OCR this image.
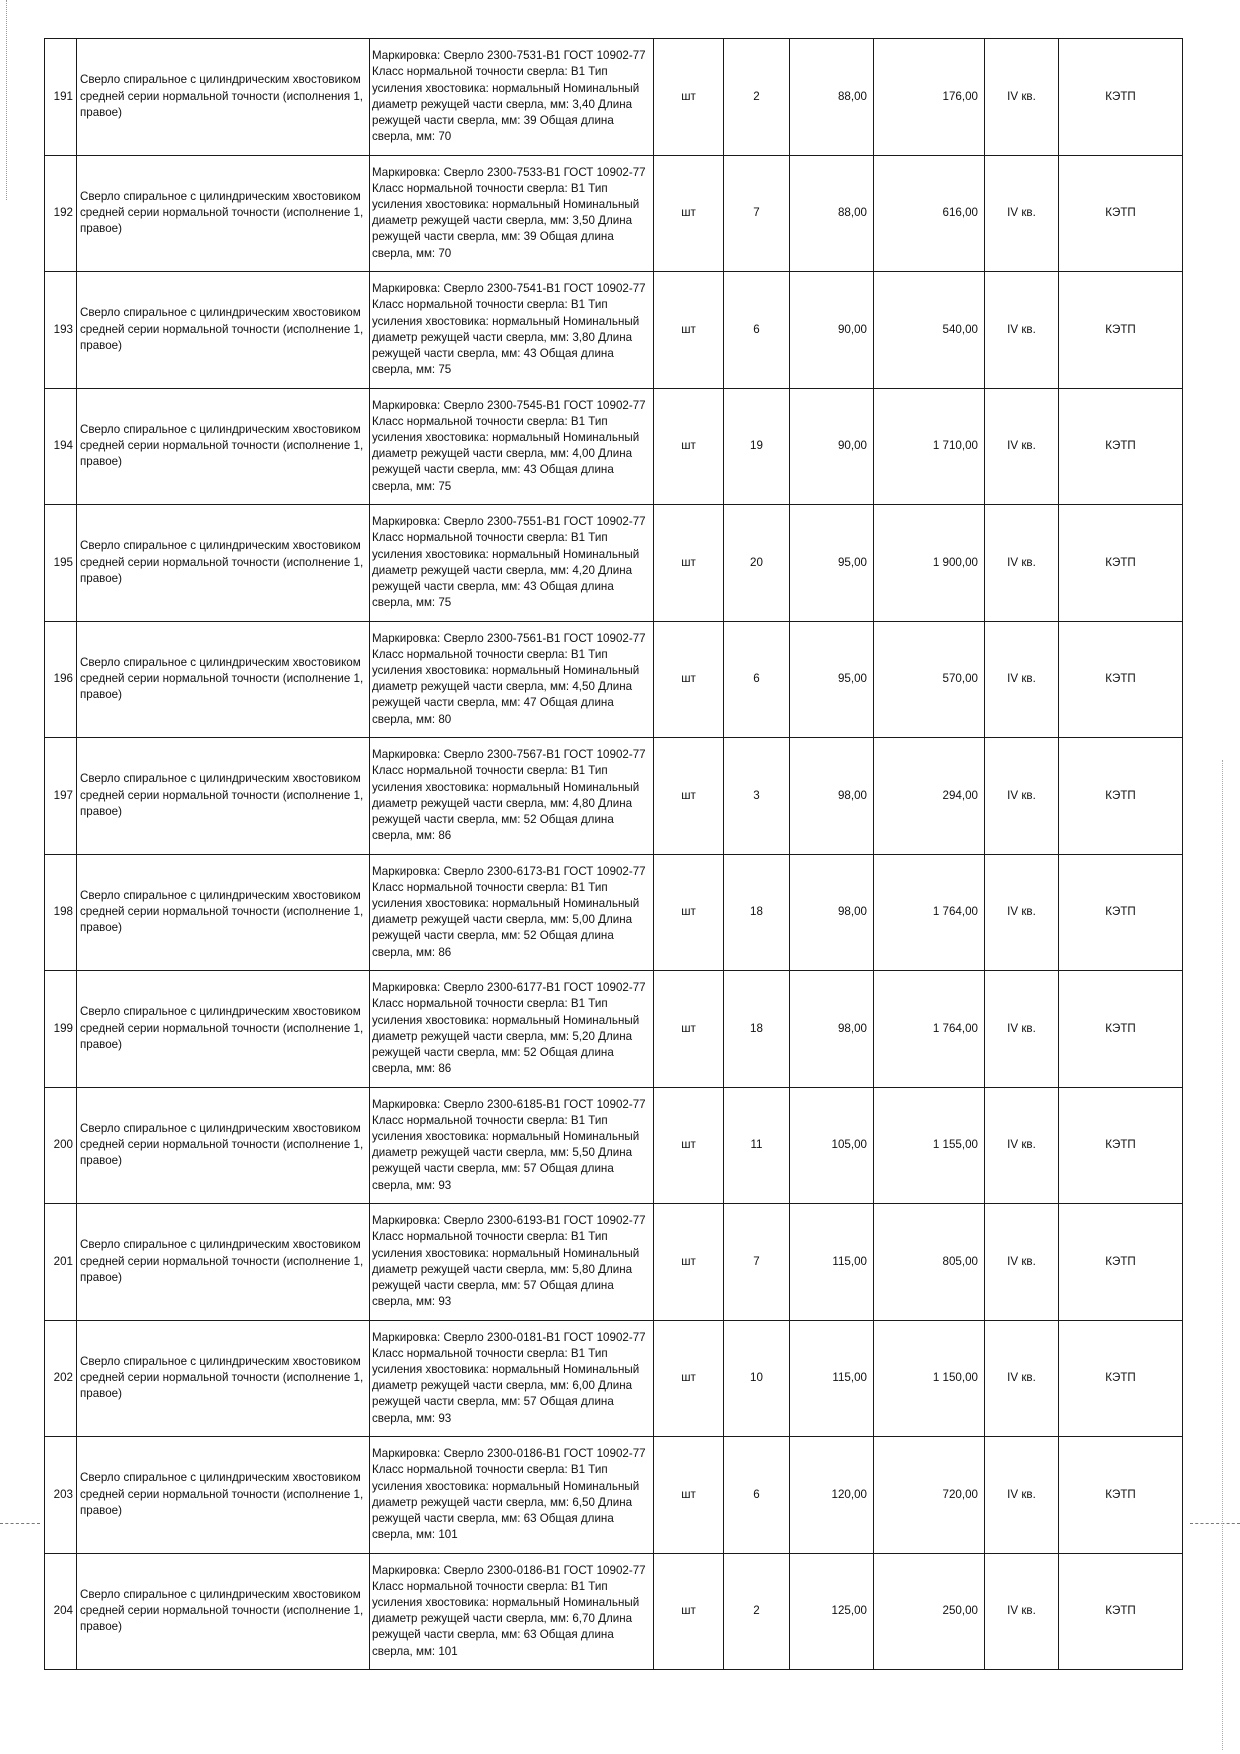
191	Сверло спиральное с цилиндрическим хвостовиком средней серии нормальной точности (исполнения 1, правое)	Маркировка: Сверло 2300-7531-В1 ГОСТ 10902-77 Класс нормальной точности сверла: В1 Тип усиления хвостовика: нормальный Номинальный диаметр режущей части сверла, мм: 3,40 Длина режущей части сверла, мм: 39 Общая длина сверла, мм: 70	шт	2	88,00	176,00	IV кв.	КЭТП
192	Сверло спиральное с цилиндрическим хвостовиком средней серии нормальной точности (исполнение 1, правое)	Маркировка: Сверло 2300-7533-В1 ГОСТ 10902-77 Класс нормальной точности сверла: В1 Тип усиления хвостовика: нормальный Номинальный диаметр режущей части сверла, мм: 3,50 Длина режущей части сверла, мм: 39 Общая длина сверла, мм: 70	шт	7	88,00	616,00	IV кв.	КЭТП
193	Сверло спиральное с цилиндрическим хвостовиком средней серии нормальной точности (исполнение 1, правое)	Маркировка: Сверло 2300-7541-В1 ГОСТ 10902-77 Класс нормальной точности сверла: В1 Тип усиления хвостовика: нормальный Номинальный диаметр режущей части сверла, мм: 3,80 Длина режущей части сверла, мм: 43 Общая длина сверла, мм: 75	шт	6	90,00	540,00	IV кв.	КЭТП
194	Сверло спиральное с цилиндрическим хвостовиком средней серии нормальной точности (исполнение 1, правое)	Маркировка: Сверло 2300-7545-В1 ГОСТ 10902-77 Класс нормальной точности сверла: В1 Тип усиления хвостовика: нормальный Номинальный диаметр режущей части сверла, мм: 4,00 Длина режущей части сверла, мм: 43 Общая длина сверла, мм: 75	шт	19	90,00	1 710,00	IV кв.	КЭТП
195	Сверло спиральное с цилиндрическим хвостовиком средней серии нормальной точности (исполнение 1, правое)	Маркировка: Сверло 2300-7551-В1 ГОСТ 10902-77 Класс нормальной точности сверла: В1 Тип усиления хвостовика: нормальный Номинальный диаметр режущей части сверла, мм: 4,20 Длина режущей части сверла, мм: 43 Общая длина сверла, мм: 75	шт	20	95,00	1 900,00	IV кв.	КЭТП
196	Сверло спиральное с цилиндрическим хвостовиком средней серии нормальной точности (исполнение 1, правое)	Маркировка: Сверло 2300-7561-В1 ГОСТ 10902-77 Класс нормальной точности сверла: В1 Тип усиления хвостовика: нормальный Номинальный диаметр режущей части сверла, мм: 4,50 Длина режущей части сверла, мм: 47 Общая длина сверла, мм: 80	шт	6	95,00	570,00	IV кв.	КЭТП
197	Сверло спиральное с цилиндрическим хвостовиком средней серии нормальной точности (исполнение 1, правое)	Маркировка: Сверло 2300-7567-В1 ГОСТ 10902-77 Класс нормальной точности сверла: В1 Тип усиления хвостовика: нормальный Номинальный диаметр режущей части сверла, мм: 4,80 Длина режущей части сверла, мм: 52 Общая длина сверла, мм: 86	шт	3	98,00	294,00	IV кв.	КЭТП
198	Сверло спиральное с цилиндрическим хвостовиком средней серии нормальной точности (исполнение 1, правое)	Маркировка: Сверло 2300-6173-В1 ГОСТ 10902-77 Класс нормальной точности сверла: В1 Тип усиления хвостовика: нормальный Номинальный диаметр режущей части сверла, мм: 5,00 Длина режущей части сверла, мм: 52 Общая длина сверла, мм: 86	шт	18	98,00	1 764,00	IV кв.	КЭТП
199	Сверло спиральное с цилиндрическим хвостовиком средней серии нормальной точности (исполнение 1, правое)	Маркировка: Сверло 2300-6177-В1 ГОСТ 10902-77 Класс нормальной точности сверла: В1 Тип усиления хвостовика: нормальный Номинальный диаметр режущей части сверла, мм: 5,20 Длина режущей части сверла, мм: 52 Общая длина сверла, мм: 86	шт	18	98,00	1 764,00	IV кв.	КЭТП
200	Сверло спиральное с цилиндрическим хвостовиком средней серии нормальной точности (исполнение 1, правое)	Маркировка: Сверло 2300-6185-В1 ГОСТ 10902-77 Класс нормальной точности сверла: В1 Тип усиления хвостовика: нормальный Номинальный диаметр режущей части сверла, мм: 5,50 Длина режущей части сверла, мм: 57 Общая длина сверла, мм: 93	шт	11	105,00	1 155,00	IV кв.	КЭТП
201	Сверло спиральное с цилиндрическим хвостовиком средней серии нормальной точности (исполнение 1, правое)	Маркировка: Сверло 2300-6193-В1 ГОСТ 10902-77 Класс нормальной точности сверла: В1 Тип усиления хвостовика: нормальный Номинальный диаметр режущей части сверла, мм: 5,80 Длина режущей части сверла, мм: 57 Общая длина сверла, мм: 93	шт	7	115,00	805,00	IV кв.	КЭТП
202	Сверло спиральное с цилиндрическим хвостовиком средней серии нормальной точности (исполнение 1, правое)	Маркировка: Сверло 2300-0181-В1 ГОСТ 10902-77 Класс нормальной точности сверла: В1 Тип усиления хвостовика: нормальный Номинальный диаметр режущей части сверла, мм: 6,00 Длина режущей части сверла, мм: 57 Общая длина сверла, мм: 93	шт	10	115,00	1 150,00	IV кв.	КЭТП
203	Сверло спиральное с цилиндрическим хвостовиком средней серии нормальной точности (исполнение 1, правое)	Маркировка: Сверло 2300-0186-В1 ГОСТ 10902-77 Класс нормальной точности сверла: В1 Тип усиления хвостовика: нормальный Номинальный диаметр режущей части сверла, мм: 6,50 Длина режущей части сверла, мм: 63 Общая длина сверла, мм: 101	шт	6	120,00	720,00	IV кв.	КЭТП
204	Сверло спиральное с цилиндрическим хвостовиком средней серии нормальной точности (исполнение 1, правое)	Маркировка: Сверло 2300-0186-В1 ГОСТ 10902-77 Класс нормальной точности сверла: В1 Тип усиления хвостовика: нормальный Номинальный диаметр режущей части сверла, мм: 6,70 Длина режущей части сверла, мм: 63 Общая длина сверла, мм: 101	шт	2	125,00	250,00	IV кв.	КЭТП
